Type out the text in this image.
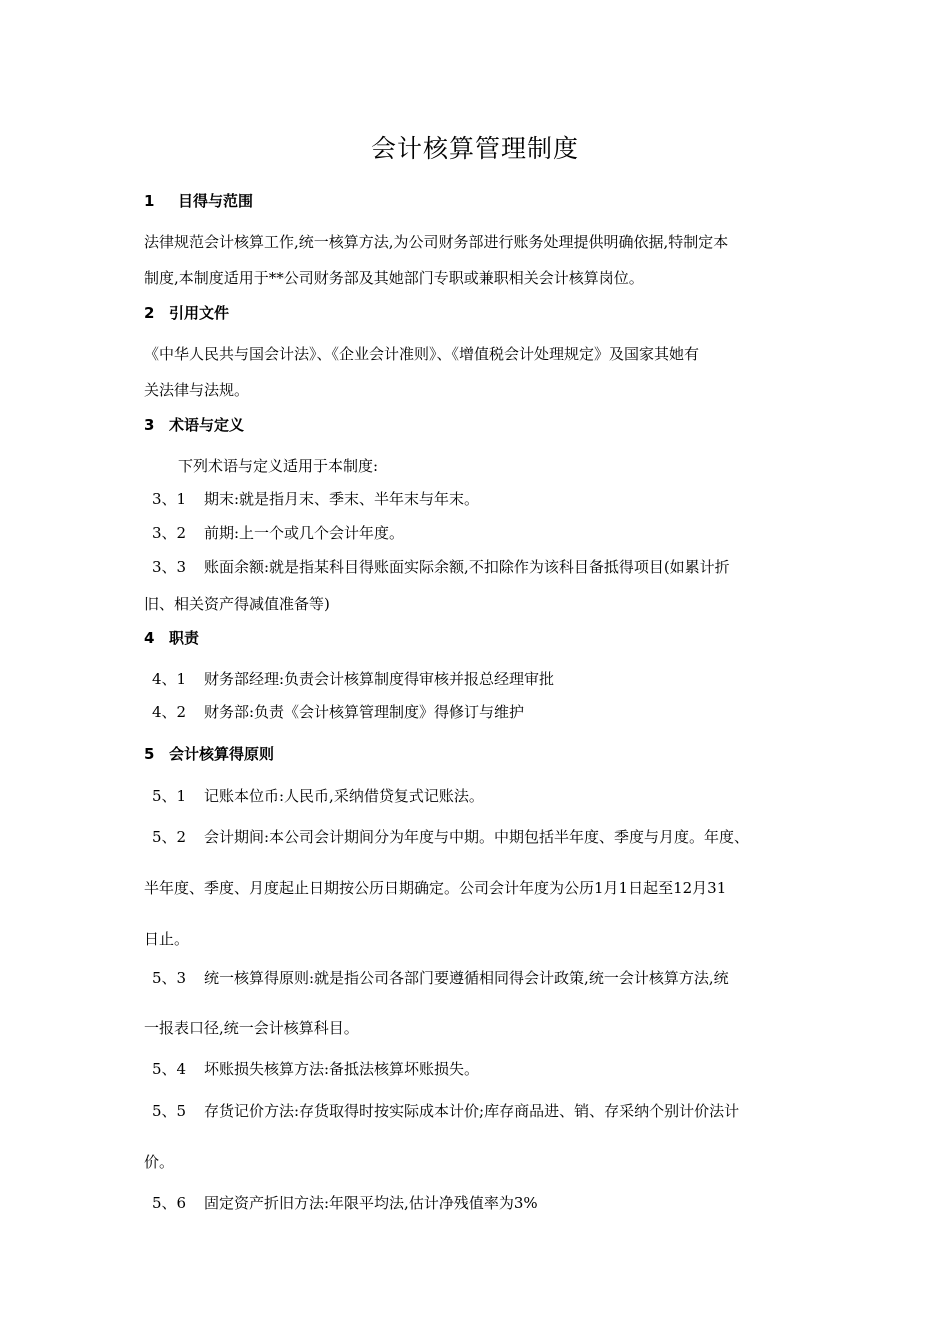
会计核算管理制度
1 目得与范围
法律规范会计核算工作,统一核算方法,为公司财务部进行账务处理提供明确依据,特制定本
制度,本制度适用于**公司财务部及其她部门专职或兼职相关会计核算岗位。
2 引用文件
《中华人民共与国会计法》、《企业会计准则》、《增值税会计处理规定》及国家其她有
关法律与法规。
3 术语与定义
下列术语与定义适用于本制度:
3、1 期末:就是指月末、季末、半年末与年末。
3、2 前期:上一个或几个会计年度。
3、3 账面余额:就是指某科目得账面实际余额,不扣除作为该科目备抵得项目(如累计折
旧、相关资产得减值准备等)
4 职责
4、1 财务部经理:负责会计核算制度得审核并报总经理审批
4、2 财务部:负责《会计核算管理制度》得修订与维护
5 会计核算得原则
5、1 记账本位币:人民币,采纳借贷复式记账法。
5、2 会计期间:本公司会计期间分为年度与中期。中期包括半年度、季度与月度。年度、
半年度、季度、月度起止日期按公历日期确定。公司会计年度为公历1月1日起至12月31
日止。
5、3 统一核算得原则:就是指公司各部门要遵循相同得会计政策,统一会计核算方法,统
一报表口径,统一会计核算科目。
5、4 坏账损失核算方法:备抵法核算坏账损失。
5、5 存货记价方法:存货取得时按实际成本计价;库存商品进、销、存采纳个别计价法计
价。
5、6 固定资产折旧方法:年限平均法,估计净残值率为3%
